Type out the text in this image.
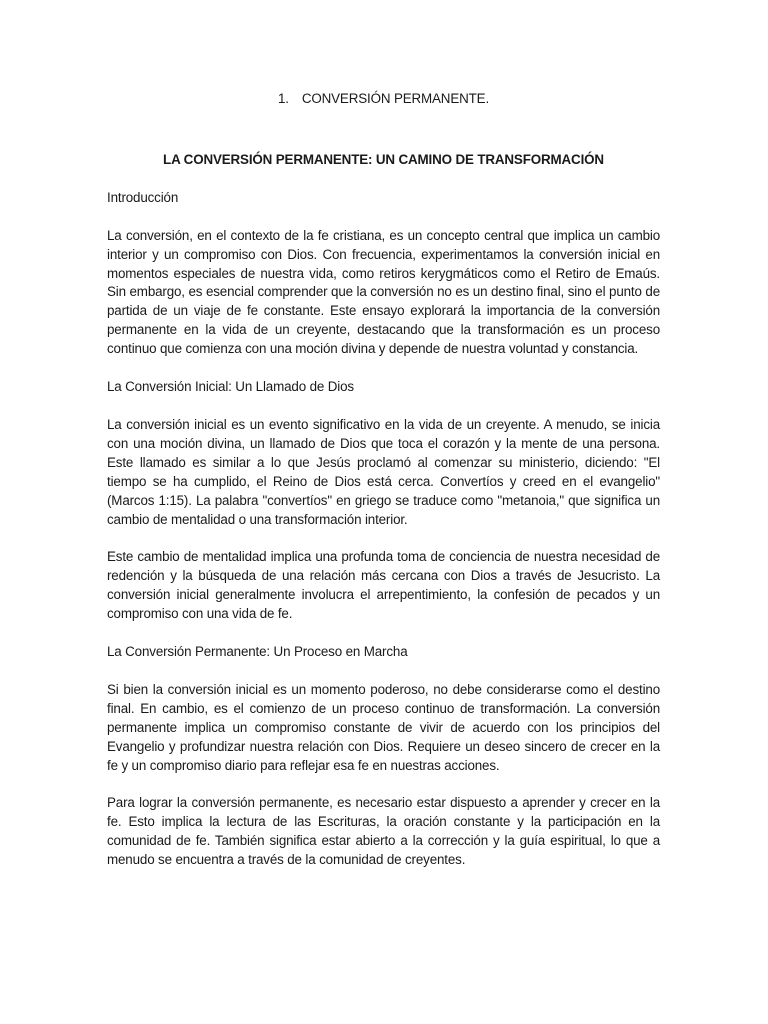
1. CONVERSIÓN PERMANENTE.

LA CONVERSIÓN PERMANENTE: UN CAMINO DE TRANSFORMACIÓN

Introducción

La conversión, en el contexto de la fe cristiana, es un concepto central que implica un cambio interior y un compromiso con Dios. Con frecuencia, experimentamos la conversión inicial en momentos especiales de nuestra vida, como retiros kerygmáticos como el Retiro de Emaús. Sin embargo, es esencial comprender que la conversión no es un destino final, sino el punto de partida de un viaje de fe constante. Este ensayo explorará la importancia de la conversión permanente en la vida de un creyente, destacando que la transformación es un proceso continuo que comienza con una moción divina y depende de nuestra voluntad y constancia.

La Conversión Inicial: Un Llamado de Dios

La conversión inicial es un evento significativo en la vida de un creyente. A menudo, se inicia con una moción divina, un llamado de Dios que toca el corazón y la mente de una persona. Este llamado es similar a lo que Jesús proclamó al comenzar su ministerio, diciendo: "El tiempo se ha cumplido, el Reino de Dios está cerca. Convertíos y creed en el evangelio" (Marcos 1:15). La palabra "convertíos" en griego se traduce como "metanoia," que significa un cambio de mentalidad o una transformación interior.

Este cambio de mentalidad implica una profunda toma de conciencia de nuestra necesidad de redención y la búsqueda de una relación más cercana con Dios a través de Jesucristo. La conversión inicial generalmente involucra el arrepentimiento, la confesión de pecados y un compromiso con una vida de fe.

La Conversión Permanente: Un Proceso en Marcha

Si bien la conversión inicial es un momento poderoso, no debe considerarse como el destino final. En cambio, es el comienzo de un proceso continuo de transformación. La conversión permanente implica un compromiso constante de vivir de acuerdo con los principios del Evangelio y profundizar nuestra relación con Dios. Requiere un deseo sincero de crecer en la fe y un compromiso diario para reflejar esa fe en nuestras acciones.

Para lograr la conversión permanente, es necesario estar dispuesto a aprender y crecer en la fe. Esto implica la lectura de las Escrituras, la oración constante y la participación en la comunidad de fe. También significa estar abierto a la corrección y la guía espiritual, lo que a menudo se encuentra a través de la comunidad de creyentes.
